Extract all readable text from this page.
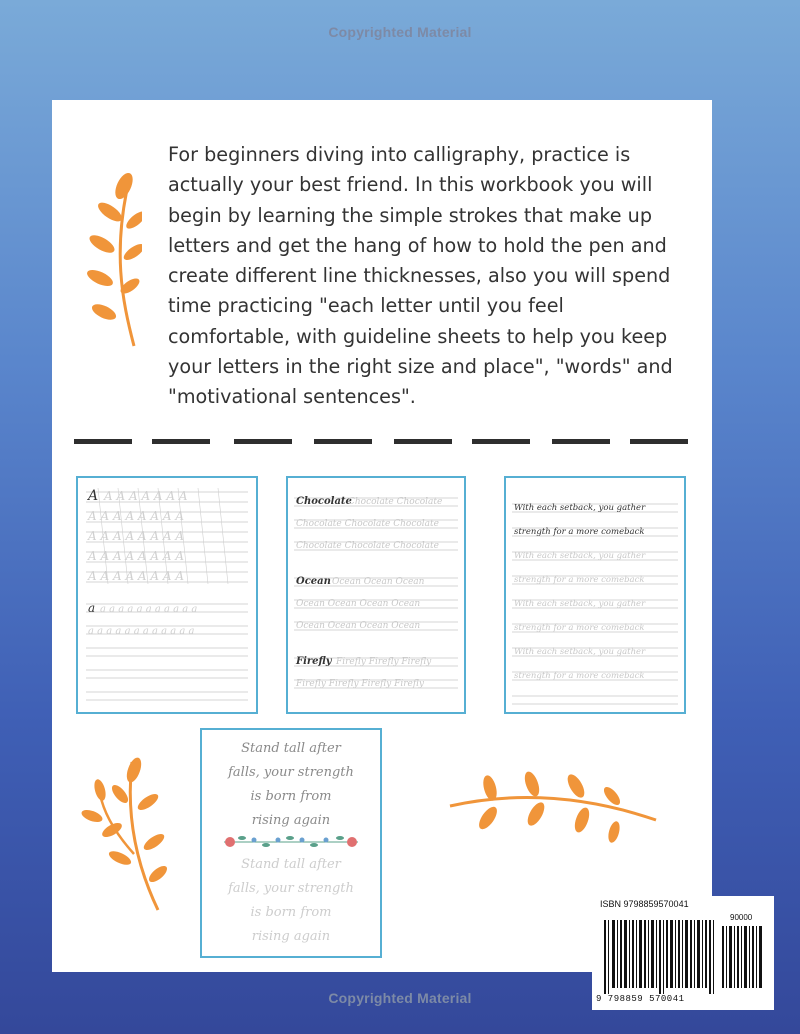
Copyrighted Material
For beginners diving into calligraphy, practice is actually your best friend. In this workbook you will begin by learning the simple strokes that make up letters and get the hang of how to hold the pen and create different line thicknesses, also you will spend time practicing "each letter until you feel comfortable, with guideline sheets to help you keep your letters in the right size and place", "words" and "motivational sentences".
A A A A A A A A
A A A A A A A A
A A A A A A A A
A A A A A A A A
A A A A A A A A
a a a a a a a a a a a a
a a a a a a a a a a a a
Chocolate
Chocolate Chocolate
Chocolate Chocolate Chocolate
Chocolate Chocolate Chocolate
Ocean Ocean Ocean Ocean
Ocean Ocean Ocean Ocean
Ocean Ocean Ocean Ocean
Firefly Firefly Firefly Firefly
Firefly Firefly Firefly Firefly
With each setback, you gather
strength for a more comeback
With each setback, you gather
strength for a more comeback
With each setback, you gather
strength for a more comeback
With each setback, you gather
strength for a more comeback
Stand tall after
falls, your strength
is born from
rising again
Stand tall after
falls, your strength
is born from
rising again
ISBN 9798859570041
90000
9 798859 570041
Copyrighted Material
